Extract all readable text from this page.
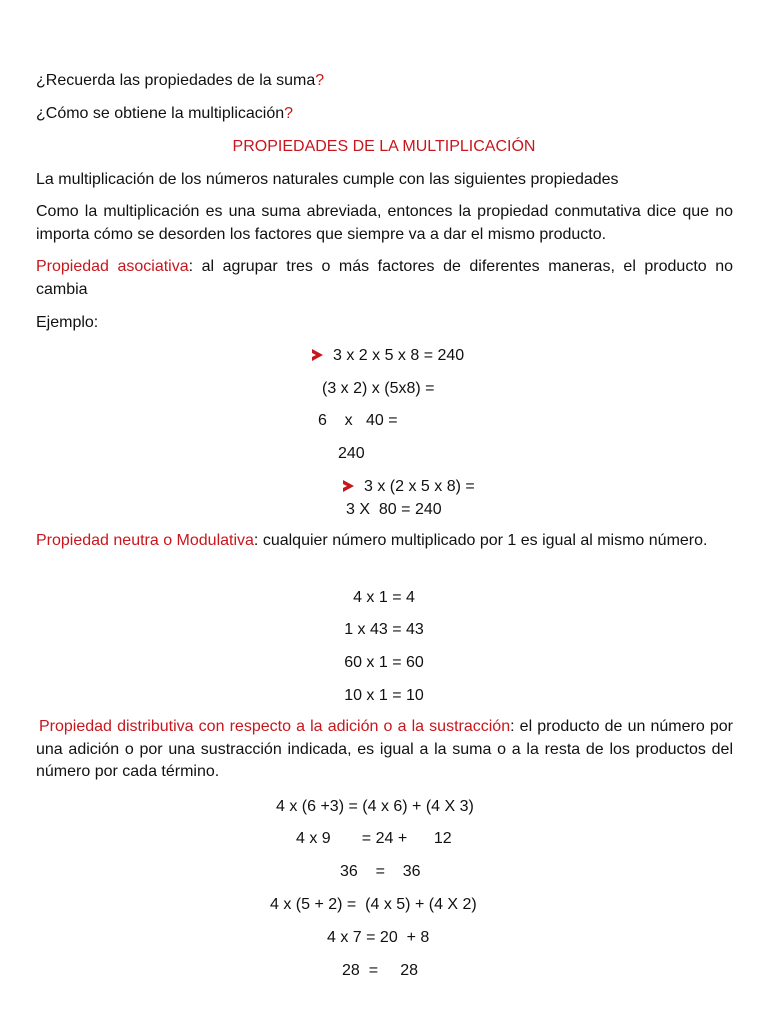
¿Recuerda las propiedades de la suma?

¿Cómo se obtiene la multiplicación?

PROPIEDADES DE LA MULTIPLICACIÓN

La multiplicación de los números naturales cumple con las siguientes propiedades

Como la multiplicación es una suma abreviada, entonces la propiedad conmutativa dice que no importa cómo se desorden los factores que siempre va a dar el mismo producto.

Propiedad asociativa: al agrupar tres o más factores de diferentes maneras, el producto no cambia

Ejemplo:

3 x 2 x 5 x 8 = 240

(3 x 2) x (5x8) =

6    x   40 =

240

3 x (2 x 5 x 8) =

3 X  80 = 240

Propiedad neutra o Modulativa: cualquier número multiplicado por 1 es igual al mismo número.

4 x 1 = 4

1 x 43 = 43

60 x 1 = 60

10 x 1 = 10

Propiedad distributiva con respecto a la adición o a la sustracción: el producto de un número por una adición o por una sustracción indicada, es igual a la suma o a la resta de los productos del número por cada término.

4 x (6 +3) = (4 x 6) + (4 X 3)

4 x 9       = 24 +      12

36    =    36

4 x (5 + 2) =  (4 x 5) + (4 X 2)

4 x 7 = 20  + 8

28  =     28
